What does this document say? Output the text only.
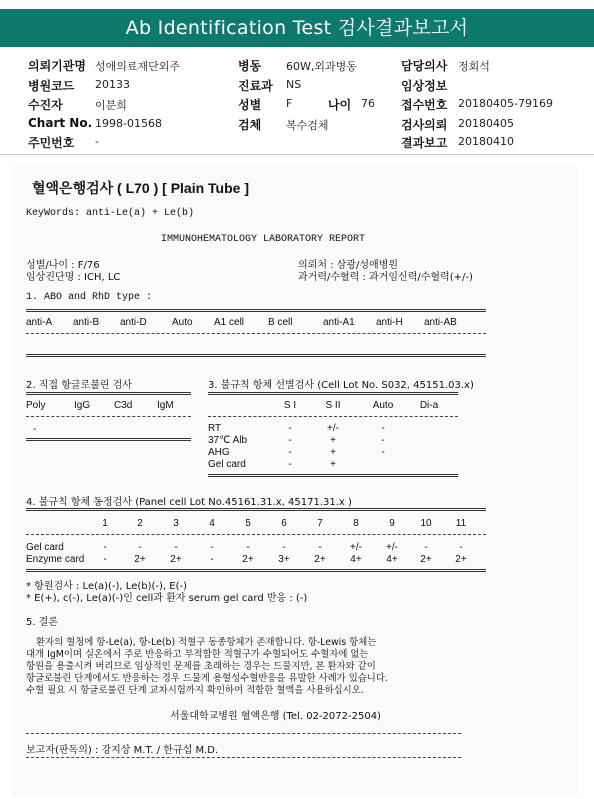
Ab Identification Test 검사결과보고서
의뢰기관명 성애의료재단외주
병원코드 20133
수진자	이분희
Chart No. 1998-01568
주민번호 -
병동 60W,외과병동
진료과 NS
성별 F	나이 76
검체 복수검체
담당의사 정회석
임상정보
접수번호 20180405-79169
검사의뢰 20180405
결과보고 20180410
혈액은행검사 ( L70 ) [ Plain Tube ]
KeyWords: anti-Le(a) + Le(b)
IMMUNOHEMATOLOGY LABORATORY REPORT
성별/나이 : F/76
임상진단명 : ICH, LC
의뢰처 : 삼광/성애병원
과거력/수혈력 : 과거임신력/수혈력(+/-)
1. ABO and RhD type :
anti-A anti-B anti-D	Auto A1 cell B cell	anti-A1 anti-H anti-AB
2. 직접 항글로불린 검사
Poly	IgG C3d IgM
-
3. 불규칙 항체 선별검사 (Cell Lot No. S032, 45151.03.x)
S I	S II	Auto	Di-a
RT	-	+/-	-
37℃ Alb	-	+	-
AHG	-	+	-
Gel card	-	+
4. 불규칙 항체 동정검사 (Panel cell Lot No.45161.31.x, 45171.31.x )
1	2	3	4	5	6	7	8	9	10	11
Gel card	-	-	-	-	-	-	-	+/-	+/-	-	-
Enzyme card	-	2+	2+	-	2+	3+	2+	4+	4+	2+	2+
* 항원검사 : Le(a)(-), Le(b)(-), E(-)
* E(+), c(-), Le(a)(-)인 cell과 환자 serum gel card 반응 : (-)
5. 결론
환자의 혈청에 항-Le(a), 항-Le(b) 적혈구 동종항체가 존재합니다. 항-Lewis 항체는
대개 IgM이며 실온에서 주로 반응하고 부적합한 적혈구가 수혈되어도 수혈자에 없는
항원을 용출시켜 버리므로 임상적인 문제를 초래하는 경우는 드물지만, 본 환자와 같이
항글로불린 단계에서도 반응하는 경우 드물게 용혈성수혈반응을 유발한 사례가 있습니다.
수혈 필요 시 항글로불린 단계 교차시험까지 확인하여 적합한 혈액을 사용하십시오.
서울대학교병원 혈액은행 (Tel. 02-2072-2504)
보고자(판독의) : 강지상 M.T. / 한규섭 M.D.
